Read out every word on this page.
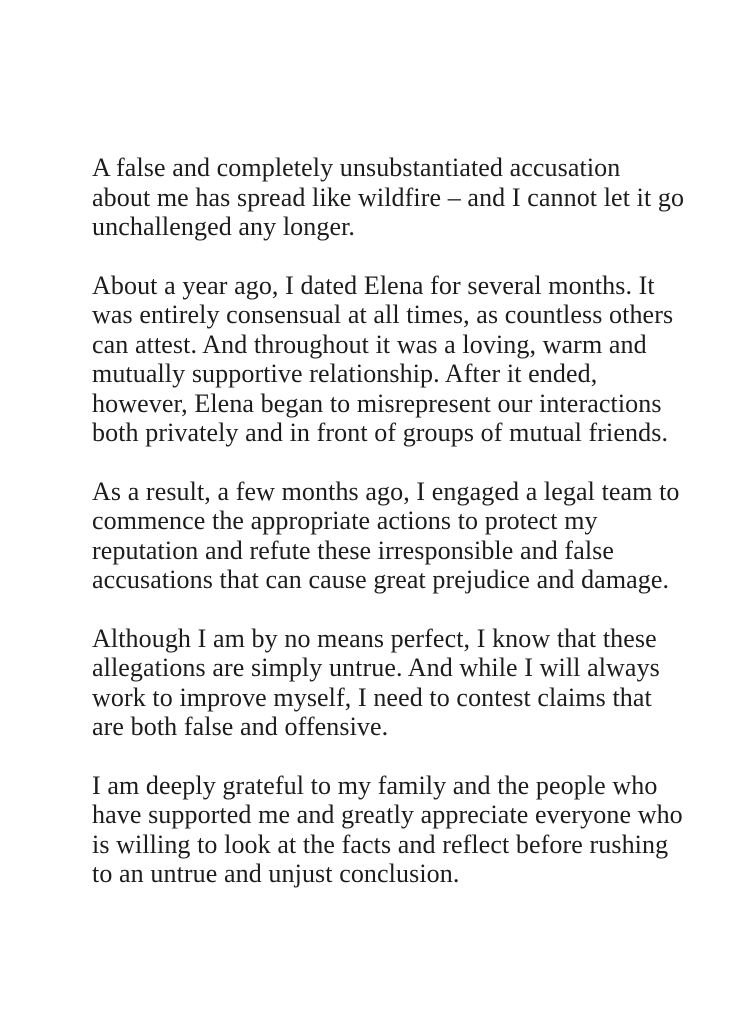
A false and completely unsubstantiated accusation
about me has spread like wildfire – and I cannot let it go
unchallenged any longer.

About a year ago, I dated Elena for several months. It
was entirely consensual at all times, as countless others
can attest. And throughout it was a loving, warm and
mutually supportive relationship. After it ended,
however, Elena began to misrepresent our interactions
both privately and in front of groups of mutual friends.

As a result, a few months ago, I engaged a legal team to
commence the appropriate actions to protect my
reputation and refute these irresponsible and false
accusations that can cause great prejudice and damage.

Although I am by no means perfect, I know that these
allegations are simply untrue. And while I will always
work to improve myself, I need to contest claims that
are both false and offensive.

I am deeply grateful to my family and the people who
have supported me and greatly appreciate everyone who
is willing to look at the facts and reflect before rushing
to an untrue and unjust conclusion.
